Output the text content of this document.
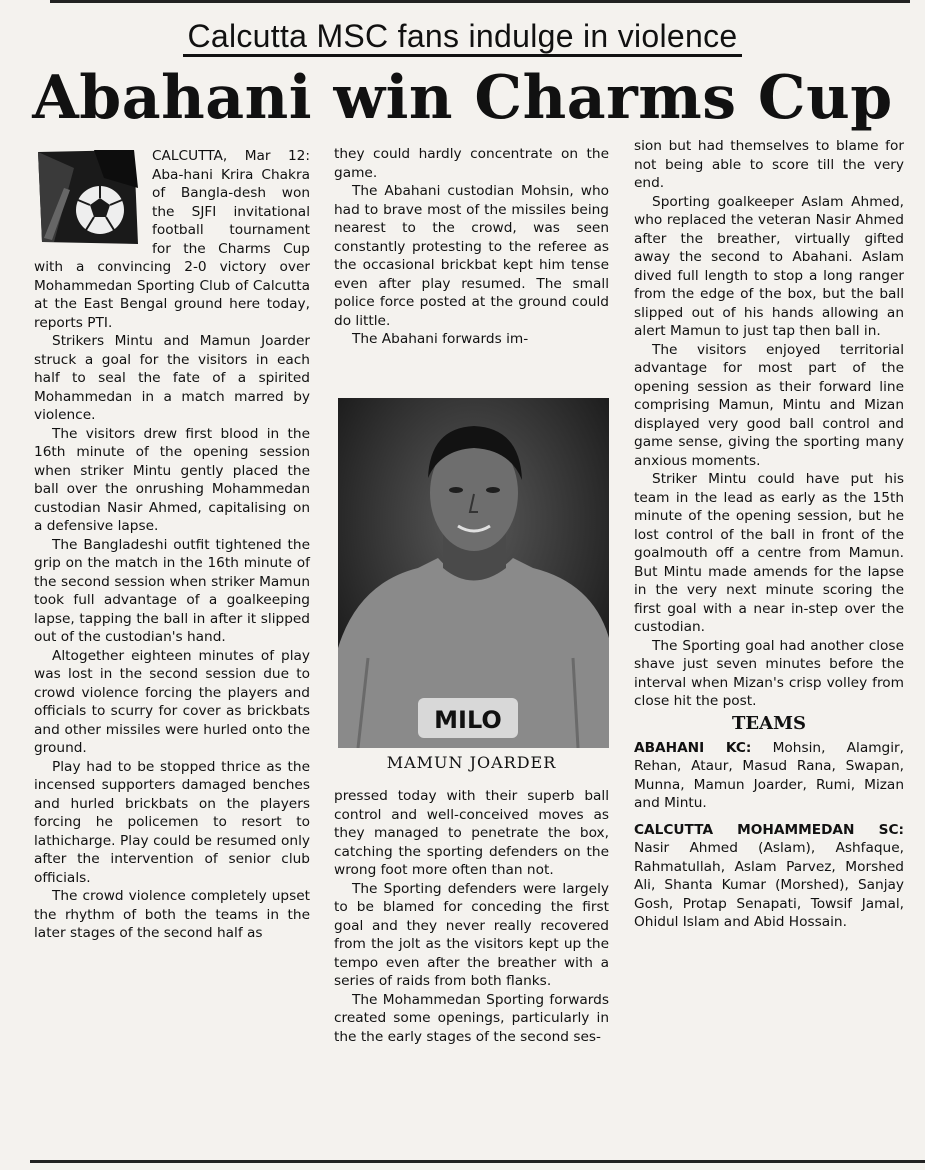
Calcutta MSC fans indulge in violence
Abahani win Charms Cup

CALCUTTA, Mar 12: Aba-hani Krira Chakra of Bangla-desh won the SJFI invitational football tournament for the Charms Cup with a convincing 2-0 victory over Mohammedan Sporting Club of Calcutta at the East Bengal ground here today, reports PTI.

Strikers Mintu and Mamun Joarder struck a goal for the visitors in each half to seal the fate of a spirited Mohammedan in a match marred by violence.

The visitors drew first blood in the 16th minute of the opening session when striker Mintu gently placed the ball over the onrushing Mohammedan custodian Nasir Ahmed, capitalising on a defensive lapse.

The Bangladeshi outfit tightened the grip on the match in the 16th minute of the second session when striker Mamun took full advantage of a goalkeeping lapse, tapping the ball in after it slipped out of the custodian's hand.

Altogether eighteen minutes of play was lost in the second session due to crowd violence forcing the players and officials to scurry for cover as brickbats and other missiles were hurled onto the ground.

Play had to be stopped thrice as the incensed supporters damaged benches and hurled brickbats on the players forcing he policemen to resort to lathicharge. Play could be resumed only after the intervention of senior club officials.

The crowd violence completely upset the rhythm of both the teams in the later stages of the second half as

they could hardly concentrate on the game.

The Abahani custodian Mohsin, who had to brave most of the missiles being nearest to the crowd, was seen constantly protesting to the referee as the occasional brickbat kept him tense even after play resumed. The small police force posted at the ground could do little.

The Abahani forwards im-

MILO
MAMUN JOARDER

pressed today with their superb ball control and well-conceived moves as they managed to penetrate the box, catching the sporting defenders on the wrong foot more often than not.

The Sporting defenders were largely to be blamed for conceding the first goal and they never really recovered from the jolt as the visitors kept up the tempo even after the breather with a series of raids from both flanks.

The Mohammedan Sporting forwards created some openings, particularly in the the early stages of the second ses-

sion but had themselves to blame for not being able to score till the very end.

Sporting goalkeeper Aslam Ahmed, who replaced the veteran Nasir Ahmed after the breather, virtually gifted away the second to Abahani. Aslam dived full length to stop a long ranger from the edge of the box, but the ball slipped out of his hands allowing an alert Mamun to just tap then ball in.

The visitors enjoyed territorial advantage for most part of the opening session as their forward line comprising Mamun, Mintu and Mizan displayed very good ball control and game sense, giving the sporting many anxious moments.

Striker Mintu could have put his team in the lead as early as the 15th minute of the opening session, but he lost control of the ball in front of the goalmouth off a centre from Mamun. But Mintu made amends for the lapse in the very next minute scoring the first goal with a near in-step over the custodian.

The Sporting goal had another close shave just seven minutes before the interval when Mizan's crisp volley from close hit the post.

TEAMS

ABAHANI KC: Mohsin, Alamgir, Rehan, Ataur, Masud Rana, Swapan, Munna, Mamun Joarder, Rumi, Mizan and Mintu.

CALCUTTA MOHAMMEDAN SC: Nasir Ahmed (Aslam), Ashfaque, Rahmatullah, Aslam Parvez, Morshed Ali, Shanta Kumar (Morshed), Sanjay Gosh, Protap Senapati, Towsif Jamal, Ohidul Islam and Abid Hossain.
